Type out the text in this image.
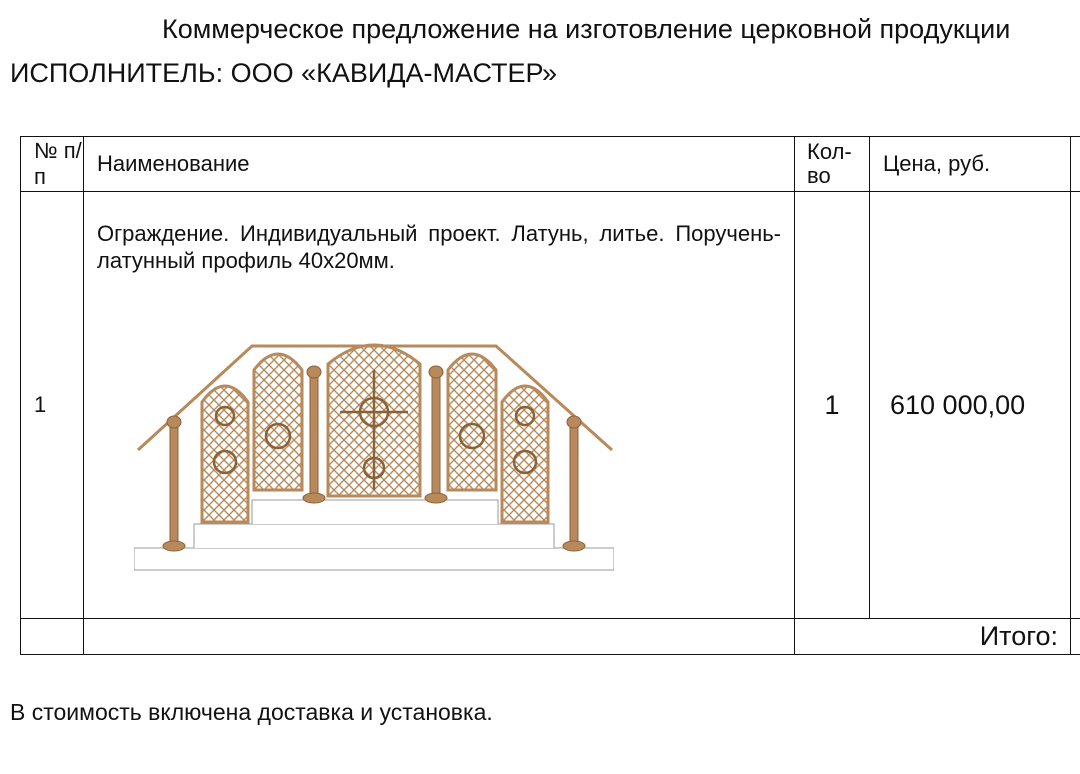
Коммерческое предложение на изготовление церковной продукции

ИСПОЛНИТЕЛЬ: ООО «КАВИДА-МАСТЕР»

№ п/п	Наименование	Кол-во	Цена, руб.	
1	Ограждение. Индивидуальный проект. Латунь, литье. Поручень-латунный профиль 40х20мм.	1	610 000,00	
		Итого:		

В стоимость включена доставка и установка.
